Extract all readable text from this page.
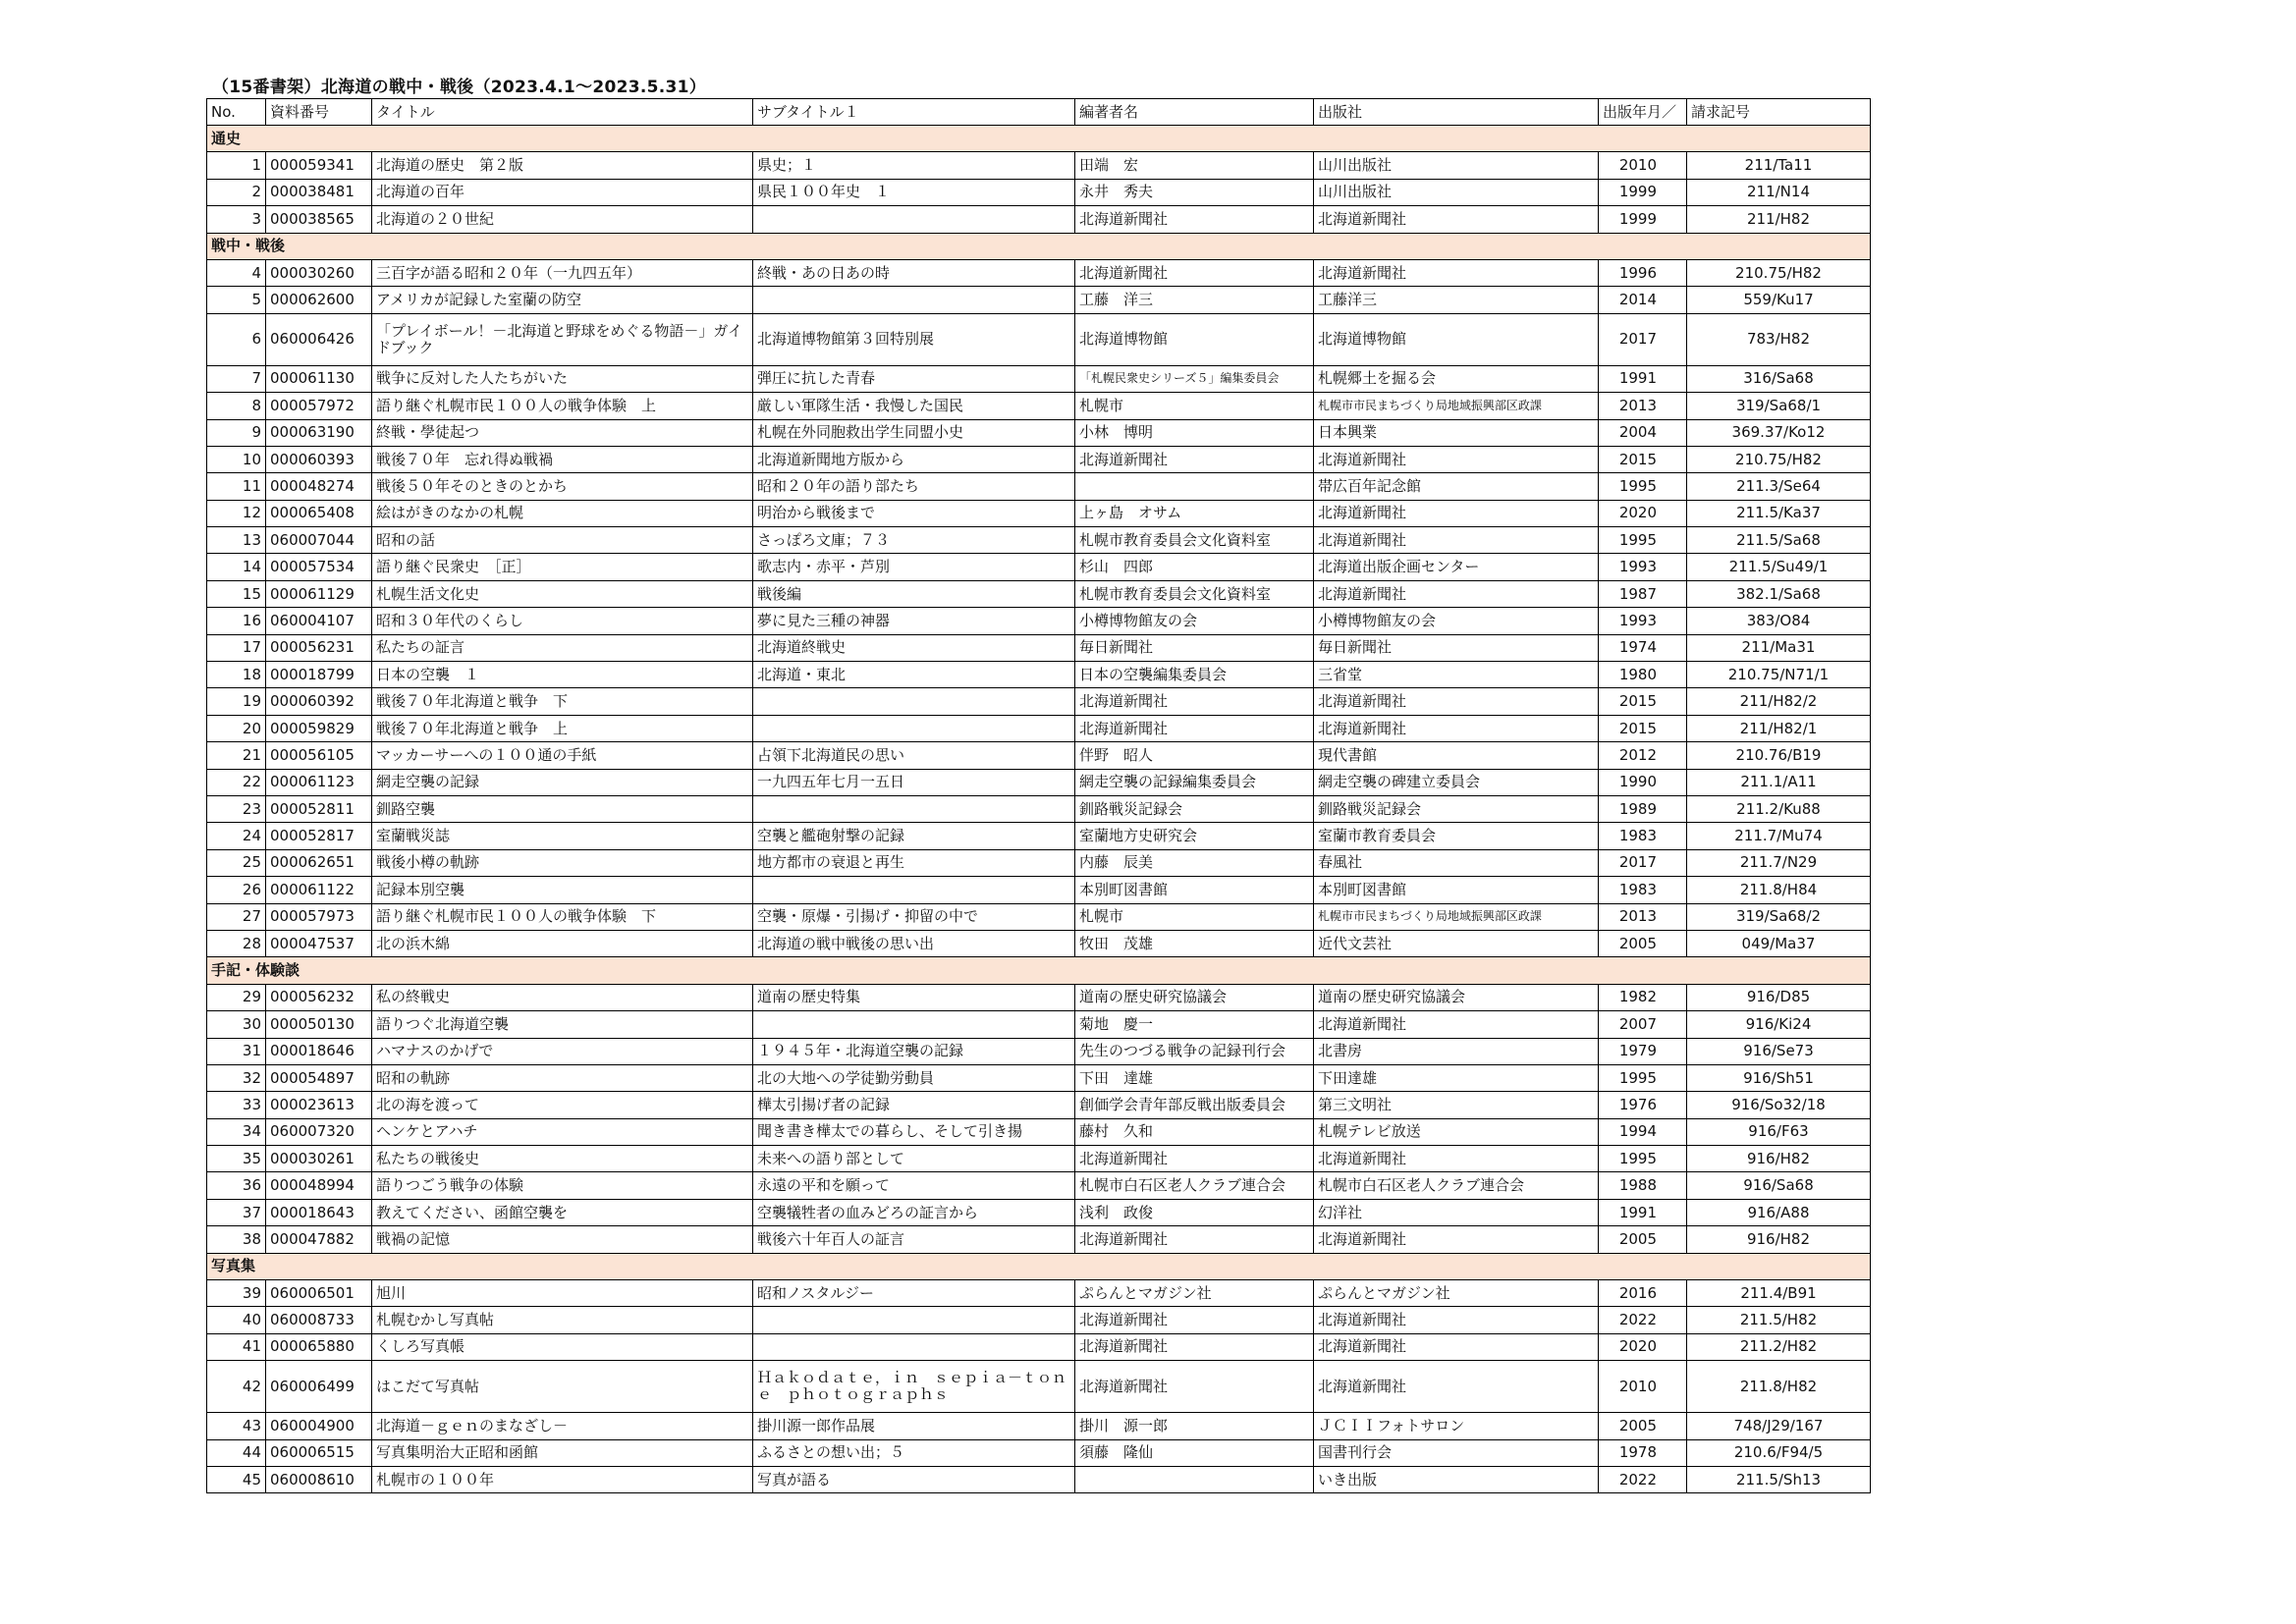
（15番書架）北海道の戦中・戦後（2023.4.1～2023.5.31）
No.	資料番号	タイトル	サブタイトル１	編著者名	出版社	出版年月／	請求記号
通史							
1	000059341	北海道の歴史　第２版	県史；１	田端　宏	山川出版社	2010	211/Ta11
2	000038481	北海道の百年	県民１００年史　１	永井　秀夫	山川出版社	1999	211/N14
3	000038565	北海道の２０世紀		北海道新聞社	北海道新聞社	1999	211/H82
戦中・戦後							
4	000030260	三百字が語る昭和２０年（一九四五年）	終戦・あの日あの時	北海道新聞社	北海道新聞社	1996	210.75/H82
5	000062600	アメリカが記録した室蘭の防空		工藤　洋三	工藤洋三	2014	559/Ku17
6	060006426	「プレイボール！－北海道と野球をめぐる物語－」ガイドブック	北海道博物館第３回特別展	北海道博物館	北海道博物館	2017	783/H82
7	000061130	戦争に反対した人たちがいた	弾圧に抗した青春	「札幌民衆史シリーズ５」編集委員会	札幌郷土を掘る会	1991	316/Sa68
8	000057972	語り継ぐ札幌市民１００人の戦争体験　上	厳しい軍隊生活・我慢した国民	札幌市	札幌市市民まちづくり局地域振興部区政課	2013	319/Sa68/1
9	000063190	終戦・學徒起つ	札幌在外同胞救出学生同盟小史	小林　博明	日本興業	2004	369.37/Ko12
10	000060393	戦後７０年　忘れ得ぬ戦禍	北海道新聞地方版から	北海道新聞社	北海道新聞社	2015	210.75/H82
11	000048274	戦後５０年そのときのとかち	昭和２０年の語り部たち		帯広百年記念館	1995	211.3/Se64
12	000065408	絵はがきのなかの札幌	明治から戦後まで	上ヶ島　オサム	北海道新聞社	2020	211.5/Ka37
13	060007044	昭和の話	さっぽろ文庫；７３	札幌市教育委員会文化資料室	北海道新聞社	1995	211.5/Sa68
14	000057534	語り継ぐ民衆史　［正］	歌志内・赤平・芦別	杉山　四郎	北海道出版企画センター	1993	211.5/Su49/1
15	000061129	札幌生活文化史	戦後編	札幌市教育委員会文化資料室	北海道新聞社	1987	382.1/Sa68
16	060004107	昭和３０年代のくらし	夢に見た三種の神器	小樽博物館友の会	小樽博物館友の会	1993	383/O84
17	000056231	私たちの証言	北海道終戦史	毎日新聞社	毎日新聞社	1974	211/Ma31
18	000018799	日本の空襲　１	北海道・東北	日本の空襲編集委員会	三省堂	1980	210.75/N71/1
19	000060392	戦後７０年北海道と戦争　下		北海道新聞社	北海道新聞社	2015	211/H82/2
20	000059829	戦後７０年北海道と戦争　上		北海道新聞社	北海道新聞社	2015	211/H82/1
21	000056105	マッカーサーへの１００通の手紙	占領下北海道民の思い	伴野　昭人	現代書館	2012	210.76/B19
22	000061123	網走空襲の記録	一九四五年七月一五日	網走空襲の記録編集委員会	網走空襲の碑建立委員会	1990	211.1/A11
23	000052811	釧路空襲		釧路戦災記録会	釧路戦災記録会	1989	211.2/Ku88
24	000052817	室蘭戦災誌	空襲と艦砲射撃の記録	室蘭地方史研究会	室蘭市教育委員会	1983	211.7/Mu74
25	000062651	戦後小樽の軌跡	地方都市の衰退と再生	内藤　辰美	春風社	2017	211.7/N29
26	000061122	記録本別空襲		本別町図書館	本別町図書館	1983	211.8/H84
27	000057973	語り継ぐ札幌市民１００人の戦争体験　下	空襲・原爆・引揚げ・抑留の中で	札幌市	札幌市市民まちづくり局地域振興部区政課	2013	319/Sa68/2
28	000047537	北の浜木綿	北海道の戦中戦後の思い出	牧田　茂雄	近代文芸社	2005	049/Ma37
手記・体験談							
29	000056232	私の終戦史	道南の歴史特集	道南の歴史研究協議会	道南の歴史研究協議会	1982	916/D85
30	000050130	語りつぐ北海道空襲		菊地　慶一	北海道新聞社	2007	916/Ki24
31	000018646	ハマナスのかげで	１９４５年・北海道空襲の記録	先生のつづる戦争の記録刊行会	北書房	1979	916/Se73
32	000054897	昭和の軌跡	北の大地への学徒勤労動員	下田　達雄	下田達雄	1995	916/Sh51
33	000023613	北の海を渡って	樺太引揚げ者の記録	創価学会青年部反戦出版委員会	第三文明社	1976	916/So32/18
34	060007320	ヘンケとアハチ	聞き書き樺太での暮らし、そして引き揚	藤村　久和	札幌テレビ放送	1994	916/F63
35	000030261	私たちの戦後史	未来への語り部として	北海道新聞社	北海道新聞社	1995	916/H82
36	000048994	語りつごう戦争の体験	永遠の平和を願って	札幌市白石区老人クラブ連合会	札幌市白石区老人クラブ連合会	1988	916/Sa68
37	000018643	教えてください、函館空襲を	空襲犠牲者の血みどろの証言から	浅利　政俊	幻洋社	1991	916/A88
38	000047882	戦禍の記憶	戦後六十年百人の証言	北海道新聞社	北海道新聞社	2005	916/H82
写真集							
39	060006501	旭川	昭和ノスタルジー	ぷらんとマガジン社	ぷらんとマガジン社	2016	211.4/B91
40	060008733	札幌むかし写真帖		北海道新聞社	北海道新聞社	2022	211.5/H82
41	000065880	くしろ写真帳		北海道新聞社	北海道新聞社	2020	211.2/H82
42	060006499	はこだて写真帖	Ｈａｋｏｄａｔｅ，ｉｎ　ｓｅｐｉａ－ｔｏｎｅ　ｐｈｏｔｏｇｒａｐｈｓ	北海道新聞社	北海道新聞社	2010	211.8/H82
43	060004900	北海道－ｇｅｎのまなざし－	掛川源一郎作品展	掛川　源一郎	ＪＣＩＩフォトサロン	2005	748/J29/167
44	060006515	写真集明治大正昭和函館	ふるさとの想い出；５	須藤　隆仙	国書刊行会	1978	210.6/F94/5
45	060008610	札幌市の１００年	写真が語る		いき出版	2022	211.5/Sh13
